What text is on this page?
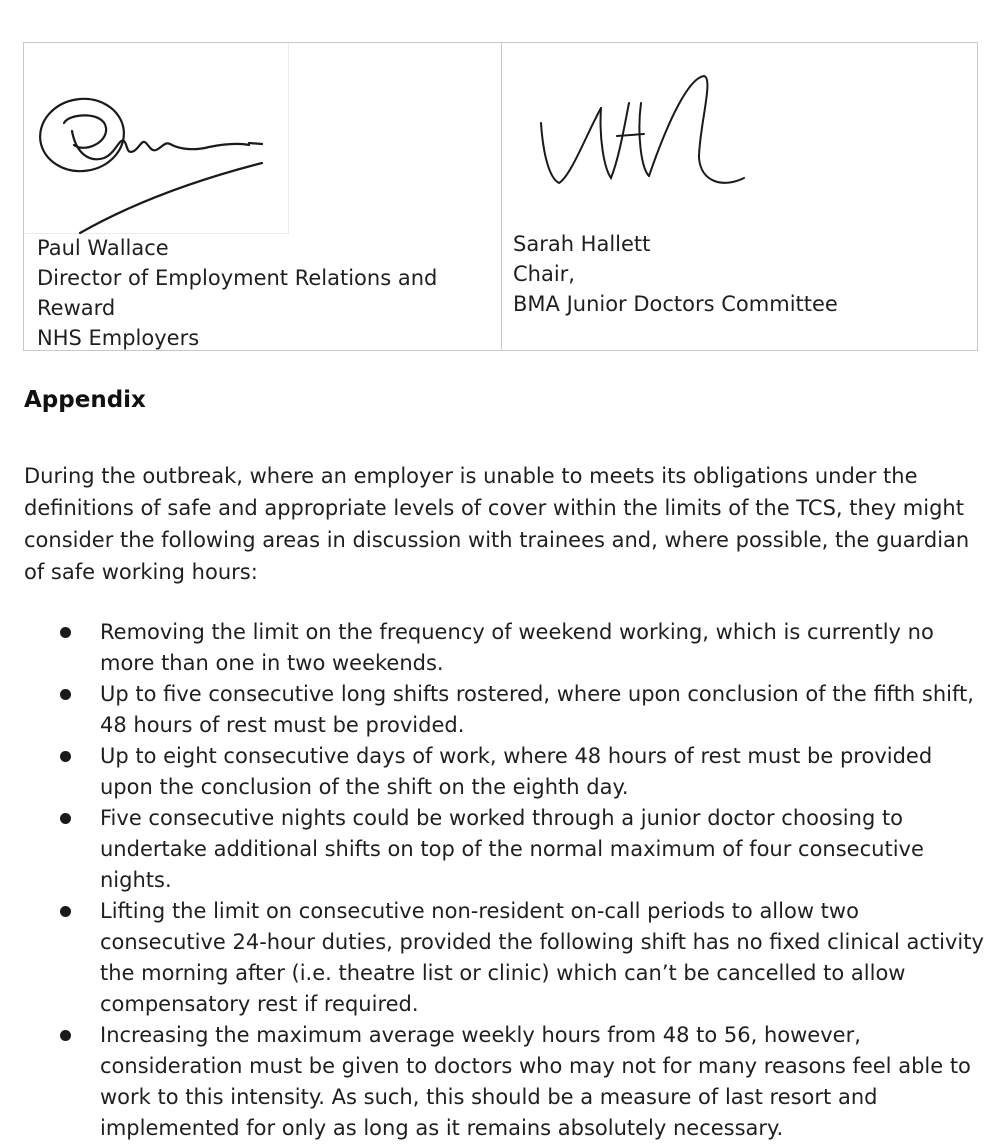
Paul Wallace
Director of Employment Relations and
Reward
NHS Employers
Sarah Hallett
Chair,
BMA Junior Doctors Committee
Appendix
During the outbreak, where an employer is unable to meets its obligations under the definitions of safe and appropriate levels of cover within the limits of the TCS, they might consider the following areas in discussion with trainees and, where possible, the guardian of safe working hours:
Removing the limit on the frequency of weekend working, which is currently no more than one in two weekends.
Up to five consecutive long shifts rostered, where upon conclusion of the fifth shift, 48 hours of rest must be provided.
Up to eight consecutive days of work, where 48 hours of rest must be provided upon the conclusion of the shift on the eighth day.
Five consecutive nights could be worked through a junior doctor choosing to undertake additional shifts on top of the normal maximum of four consecutive nights.
Lifting the limit on consecutive non-resident on-call periods to allow two consecutive 24-hour duties, provided the following shift has no fixed clinical activity the morning after (i.e. theatre list or clinic) which can’t be cancelled to allow compensatory rest if required.
Increasing the maximum average weekly hours from 48 to 56, however, consideration must be given to doctors who may not for many reasons feel able to work to this intensity. As such, this should be a measure of last resort and implemented for only as long as it remains absolutely necessary.
